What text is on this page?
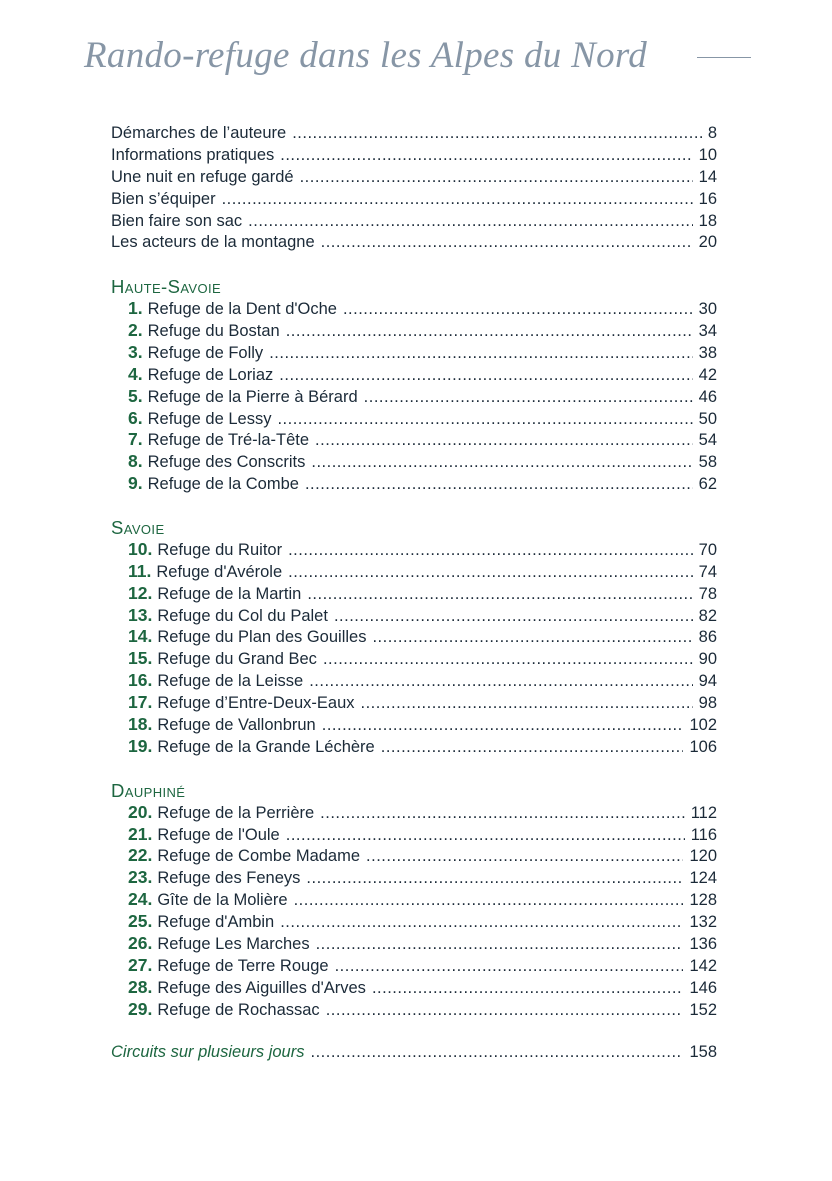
Rando-refuge dans les Alpes du Nord
Démarches de l’auteure .....	8
Informations pratiques .....	10
Une nuit en refuge gardé .....	14
Bien s’équiper .....	16
Bien faire son sac .....	18
Les acteurs de la montagne .....	20
Haute-Savoie
1. Refuge de la Dent d'Oche .....	30
2. Refuge du Bostan .....	34
3. Refuge de Folly .....	38
4. Refuge de Loriaz .....	42
5. Refuge de la Pierre à Bérard .....	46
6. Refuge de Lessy .....	50
7. Refuge de Tré-la-Tête .....	54
8. Refuge des Conscrits .....	58
9. Refuge de la Combe .....	62
Savoie
10. Refuge du Ruitor .....	70
11. Refuge d'Avérole .....	74
12. Refuge de la Martin .....	78
13. Refuge du Col du Palet .....	82
14. Refuge du Plan des Gouilles .....	86
15. Refuge du Grand Bec .....	90
16. Refuge de la Leisse .....	94
17. Refuge d’Entre-Deux-Eaux .....	98
18. Refuge de Vallonbrun .....	102
19. Refuge de la Grande Léchère .....	106
Dauphiné
20. Refuge de la Perrière .....	112
21. Refuge de l'Oule .....	116
22. Refuge de Combe Madame .....	120
23. Refuge des Feneys .....	124
24. Gîte de la Molière .....	128
25. Refuge d'Ambin .....	132
26. Refuge Les Marches .....	136
27. Refuge de Terre Rouge .....	142
28. Refuge des Aiguilles d'Arves .....	146
29. Refuge de Rochassac .....	152
Circuits sur plusieurs jours .....	158
